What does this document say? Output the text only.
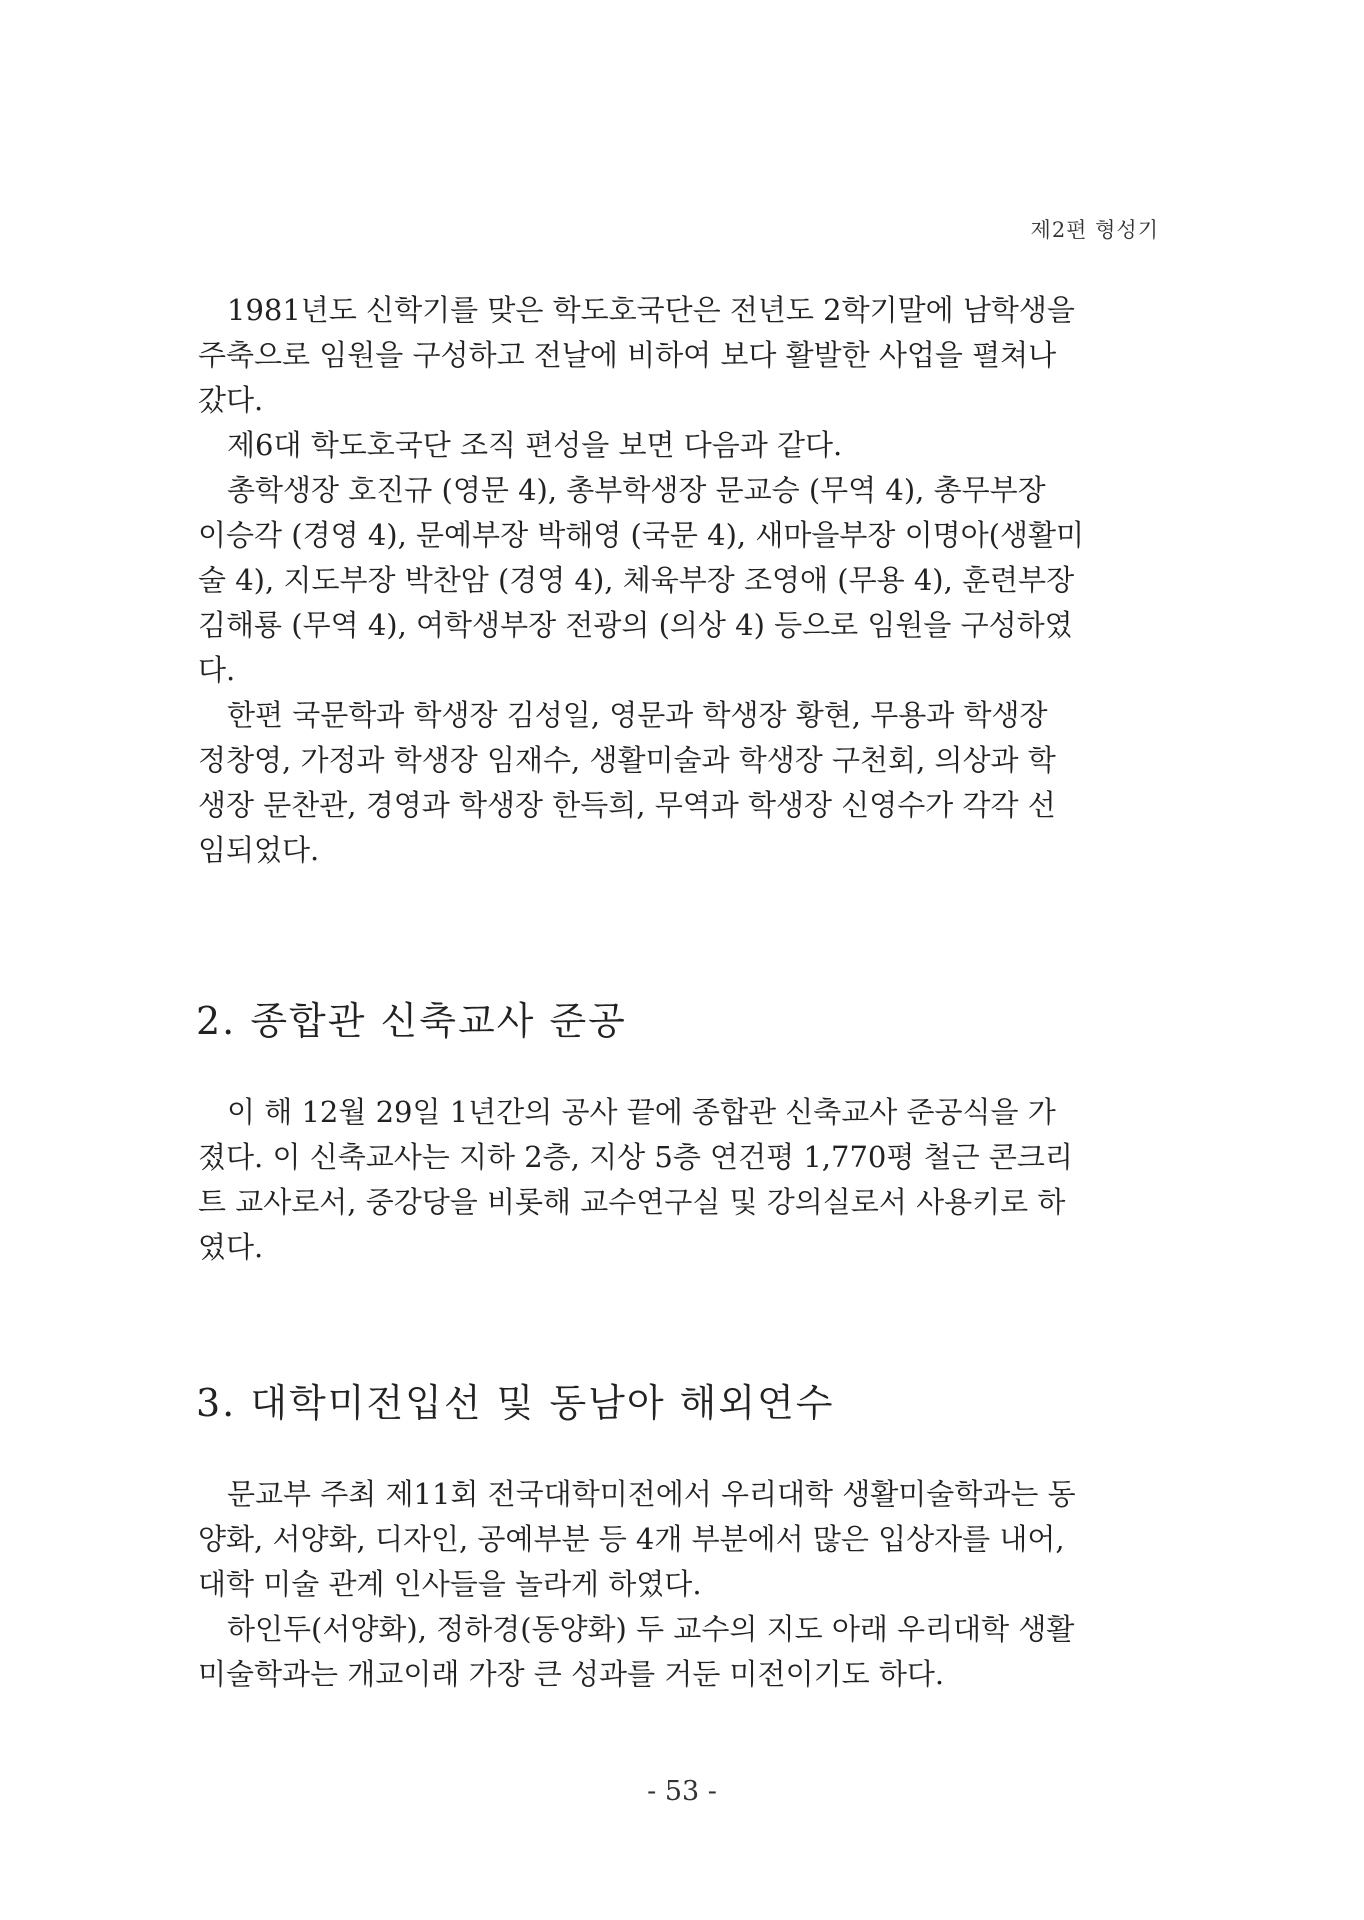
제2편 형성기
1981년도 신학기를 맞은 학도호국단은 전년도 2학기말에 남학생을
주축으로 임원을 구성하고 전날에 비하여 보다 활발한 사업을 펼쳐나
갔다.
제6대 학도호국단 조직 편성을 보면 다음과 같다.
총학생장 호진규 (영문 4), 총부학생장 문교승 (무역 4), 총무부장
이승각 (경영 4), 문예부장 박해영 (국문 4), 새마을부장 이명아(생활미
술 4), 지도부장 박찬암 (경영 4), 체육부장 조영애 (무용 4), 훈련부장
김해룡 (무역 4), 여학생부장 전광의 (의상 4) 등으로 임원을 구성하였
다.
한편 국문학과 학생장 김성일, 영문과 학생장 황현, 무용과 학생장
정창영, 가정과 학생장 임재수, 생활미술과 학생장 구천회, 의상과 학
생장 문찬관, 경영과 학생장 한득희, 무역과 학생장 신영수가 각각 선
임되었다.
2. 종합관 신축교사 준공
이 해 12월 29일 1년간의 공사 끝에 종합관 신축교사 준공식을 가
졌다. 이 신축교사는 지하 2층, 지상 5층 연건평 1,770평 철근 콘크리
트 교사로서, 중강당을 비롯해 교수연구실 및 강의실로서 사용키로 하
였다.
3. 대학미전입선 및 동남아 해외연수
문교부 주최 제11회 전국대학미전에서 우리대학 생활미술학과는 동
양화, 서양화, 디자인, 공예부분 등 4개 부분에서 많은 입상자를 내어,
대학 미술 관계 인사들을 놀라게 하였다.
하인두(서양화), 정하경(동양화) 두 교수의 지도 아래 우리대학 생활
미술학과는 개교이래 가장 큰 성과를 거둔 미전이기도 하다.
- 53 -
